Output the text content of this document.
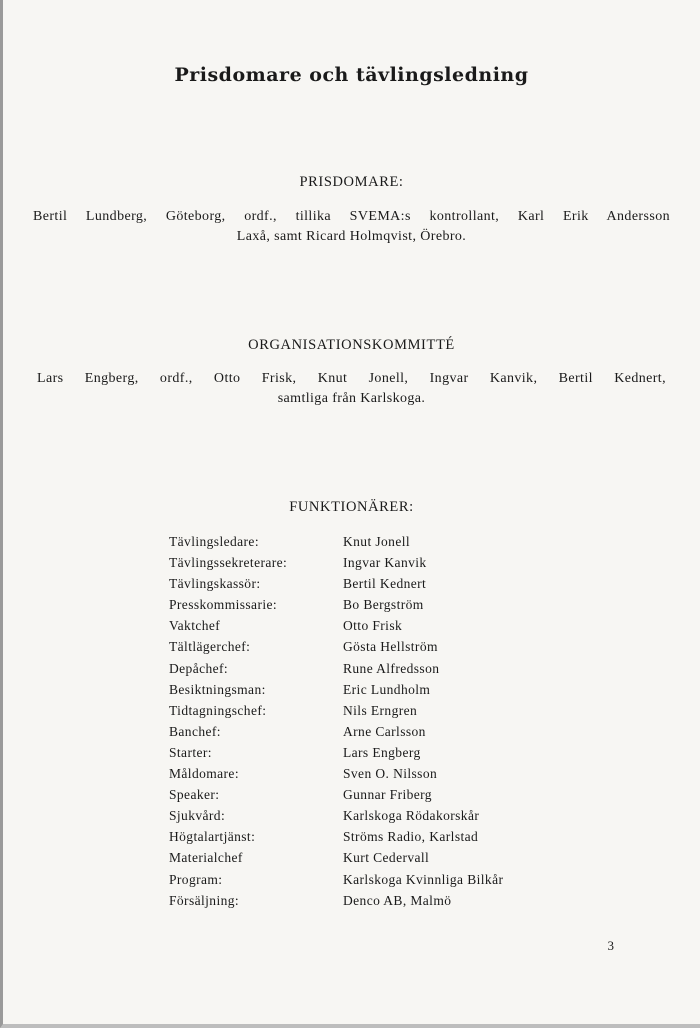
Prisdomare och tävlingsledning
PRISDOMARE:
Bertil Lundberg, Göteborg, ordf., tillika SVEMA:s kontrollant, Karl Erik Andersson
Laxå, samt Ricard Holmqvist, Örebro.
ORGANISATIONSKOMMITTÉ
Lars Engberg, ordf., Otto Frisk, Knut Jonell, Ingvar Kanvik, Bertil Kednert,
samtliga från Karlskoga.
FUNKTIONÄRER:
Tävlingsledare:	Knut Jonell
Tävlingssekreterare:	Ingvar Kanvik
Tävlingskassör:	Bertil Kednert
Presskommissarie:	Bo Bergström
Vaktchef	Otto Frisk
Tältlägerchef:	Gösta Hellström
Depåchef:	Rune Alfredsson
Besiktningsman:	Eric Lundholm
Tidtagningschef:	Nils Erngren
Banchef:	Arne Carlsson
Starter:	Lars Engberg
Måldomare:	Sven O. Nilsson
Speaker:	Gunnar Friberg
Sjukvård:	Karlskoga Rödakorskår
Högtalartjänst:	Ströms Radio, Karlstad
Materialchef	Kurt Cedervall
Program:	Karlskoga Kvinnliga Bilkår
Försäljning:	Denco AB, Malmö
3
